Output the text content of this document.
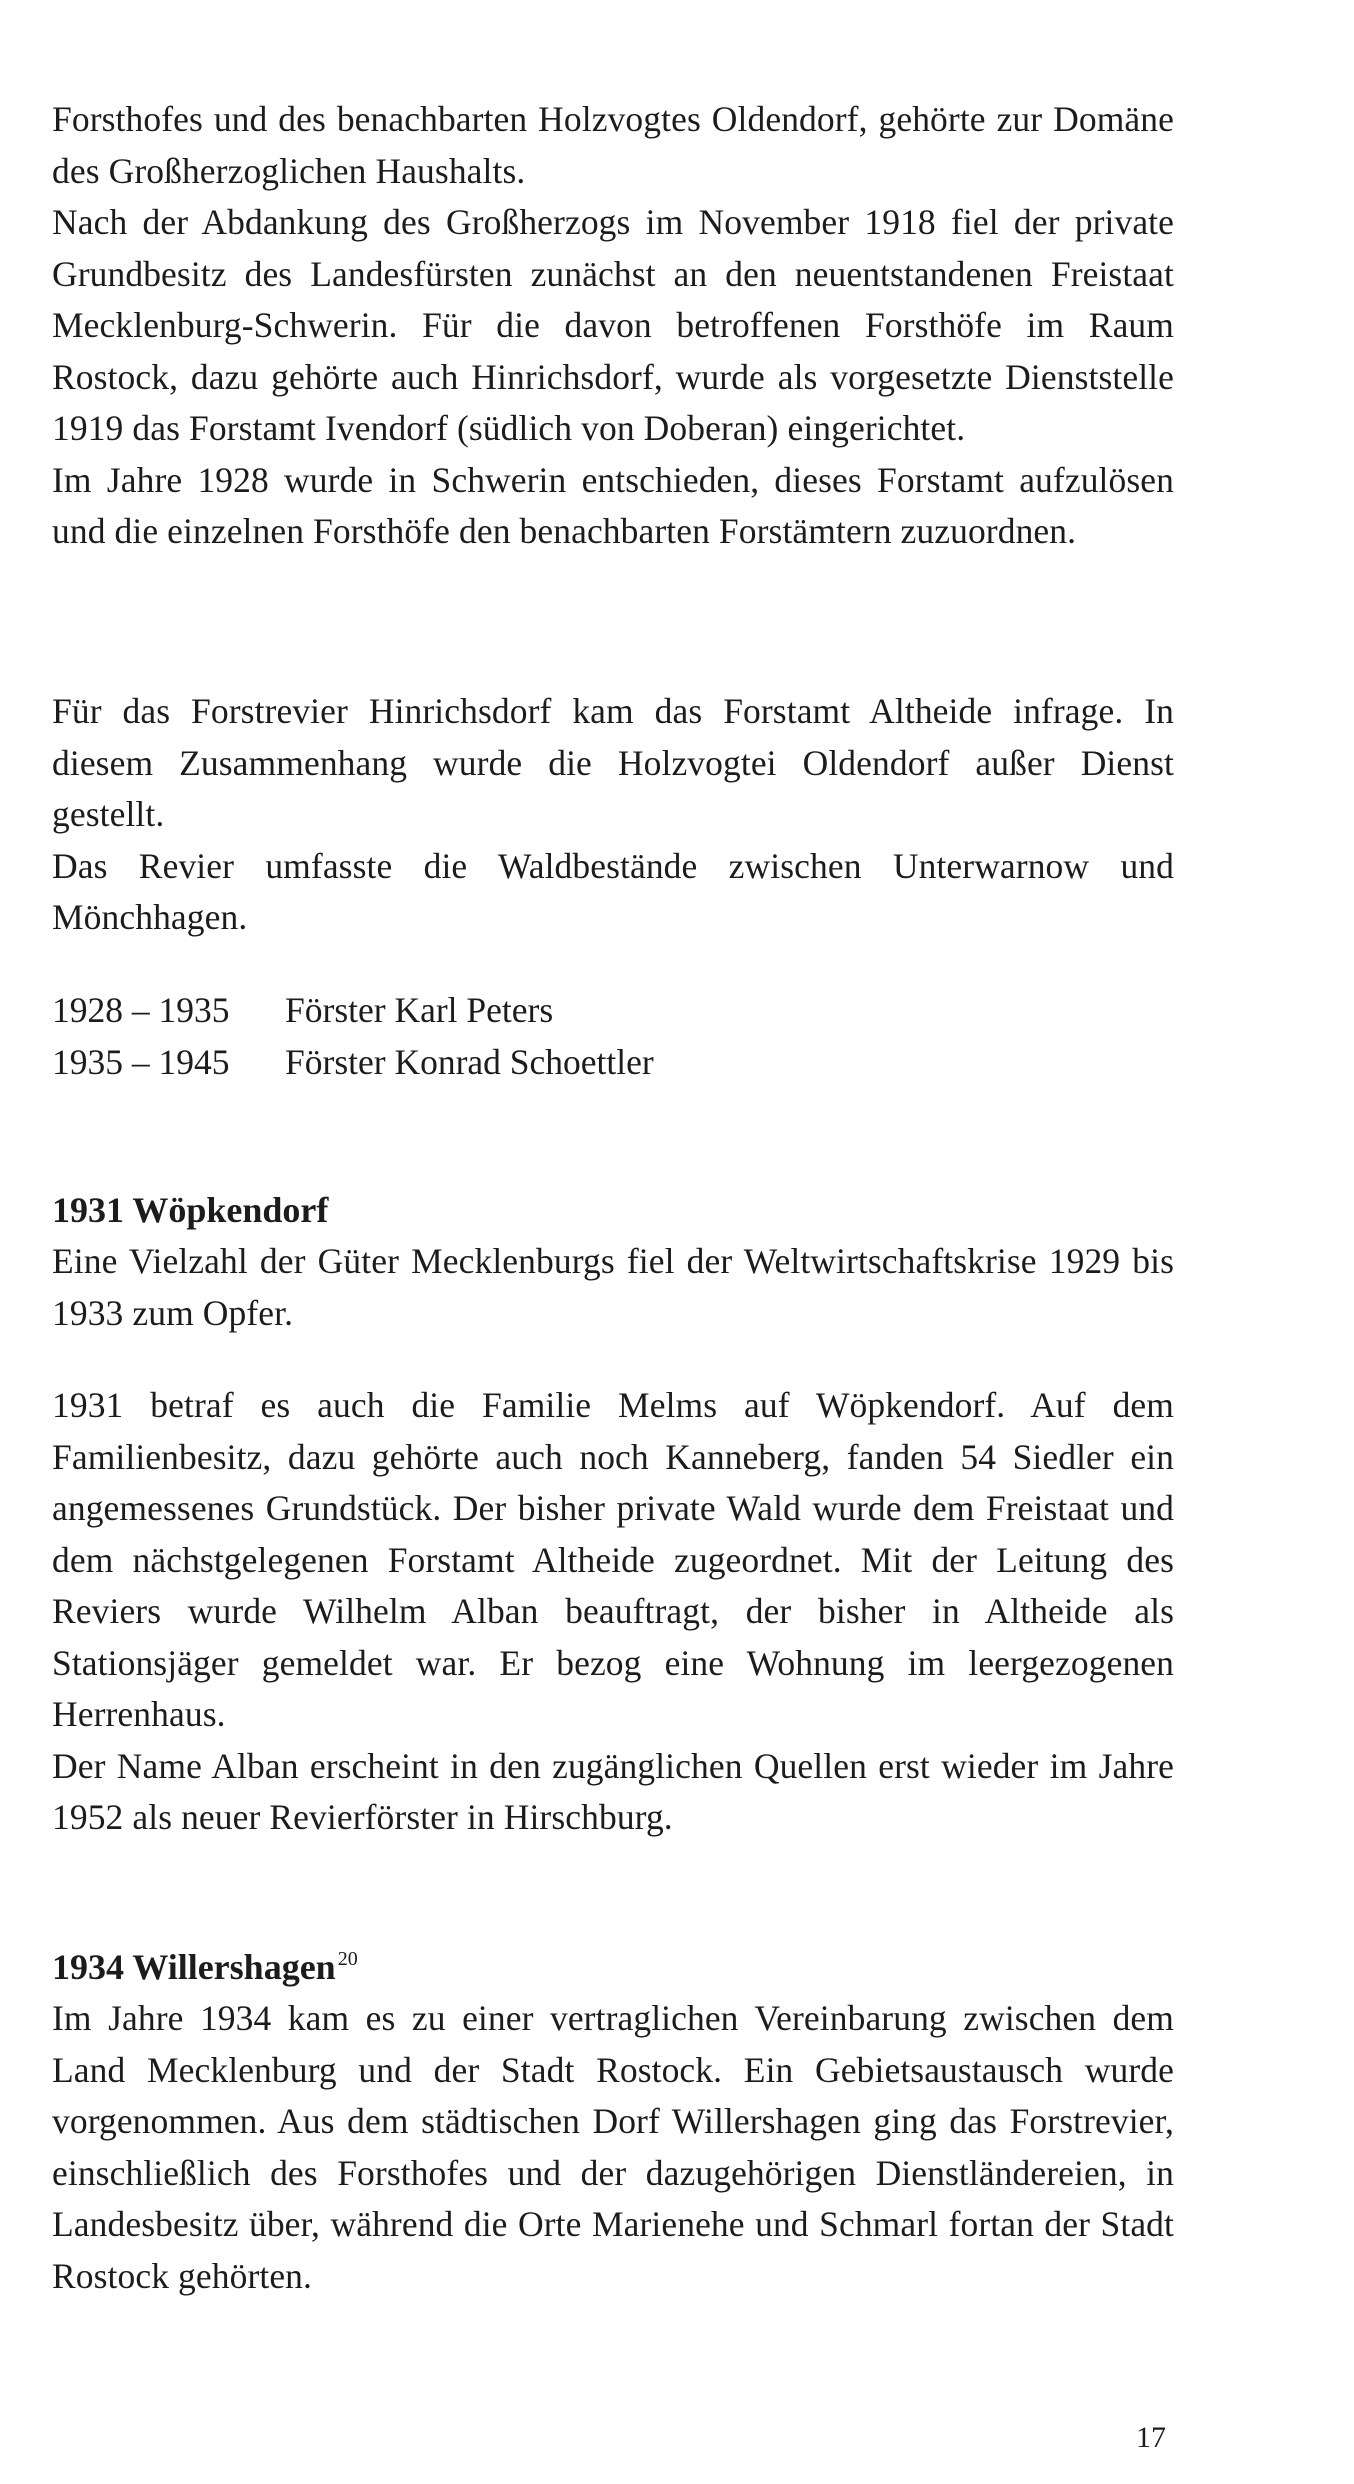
Forsthofes und des benachbarten Holzvogtes Oldendorf, gehörte zur Domäne des Großherzoglichen Haushalts.

Nach der Abdankung des Großherzogs im November 1918 fiel der private Grundbesitz des Landesfürsten zunächst an den neuentstandenen Freistaat Mecklenburg-Schwerin. Für die davon betroffenen Forsthöfe im Raum Rostock, dazu gehörte auch Hinrichsdorf, wurde als vorgesetzte Dienststelle 1919 das Forstamt Ivendorf (südlich von Doberan) eingerichtet.

Im Jahre 1928 wurde in Schwerin entschieden, dieses Forstamt aufzulösen und die einzelnen Forsthöfe den benachbarten Forstämtern zuzuordnen.

Für das Forstrevier Hinrichsdorf kam das Forstamt Altheide infrage. In diesem Zusammenhang wurde die Holzvogtei Oldendorf außer Dienst gestellt.

Das Revier umfasste die Waldbestände zwischen Unterwarnow und Mönchhagen.

1928 – 1935	Förster Karl Peters
1935 – 1945	Förster Konrad Schoettler
1931 Wöpkendorf

Eine Vielzahl der Güter Mecklenburgs fiel der Weltwirtschaftskrise 1929 bis 1933 zum Opfer.

1931 betraf es auch die Familie Melms auf Wöpkendorf. Auf dem Familienbesitz, dazu gehörte auch noch Kanneberg, fanden 54 Siedler ein angemessenes Grundstück. Der bisher private Wald wurde dem Freistaat und dem nächstgelegenen Forstamt Altheide zugeordnet. Mit der Leitung des Reviers wurde Wilhelm Alban beauftragt, der bisher in Altheide als Stationsjäger gemeldet war. Er bezog eine Wohnung im leergezogenen Herrenhaus.

Der Name Alban erscheint in den zugänglichen Quellen erst wieder im Jahre 1952 als neuer Revierförster in Hirschburg.

1934 Willershagen $^{20}$

Im Jahre 1934 kam es zu einer vertraglichen Vereinbarung zwischen dem Land Mecklenburg und der Stadt Rostock. Ein Gebietsaustausch wurde vorgenommen. Aus dem städtischen Dorf Willershagen ging das Forstrevier, einschließlich des Forsthofes und der dazugehörigen Dienstländereien, in Landesbesitz über, während die Orte Marienehe und Schmarl fortan der Stadt Rostock gehörten.

17
